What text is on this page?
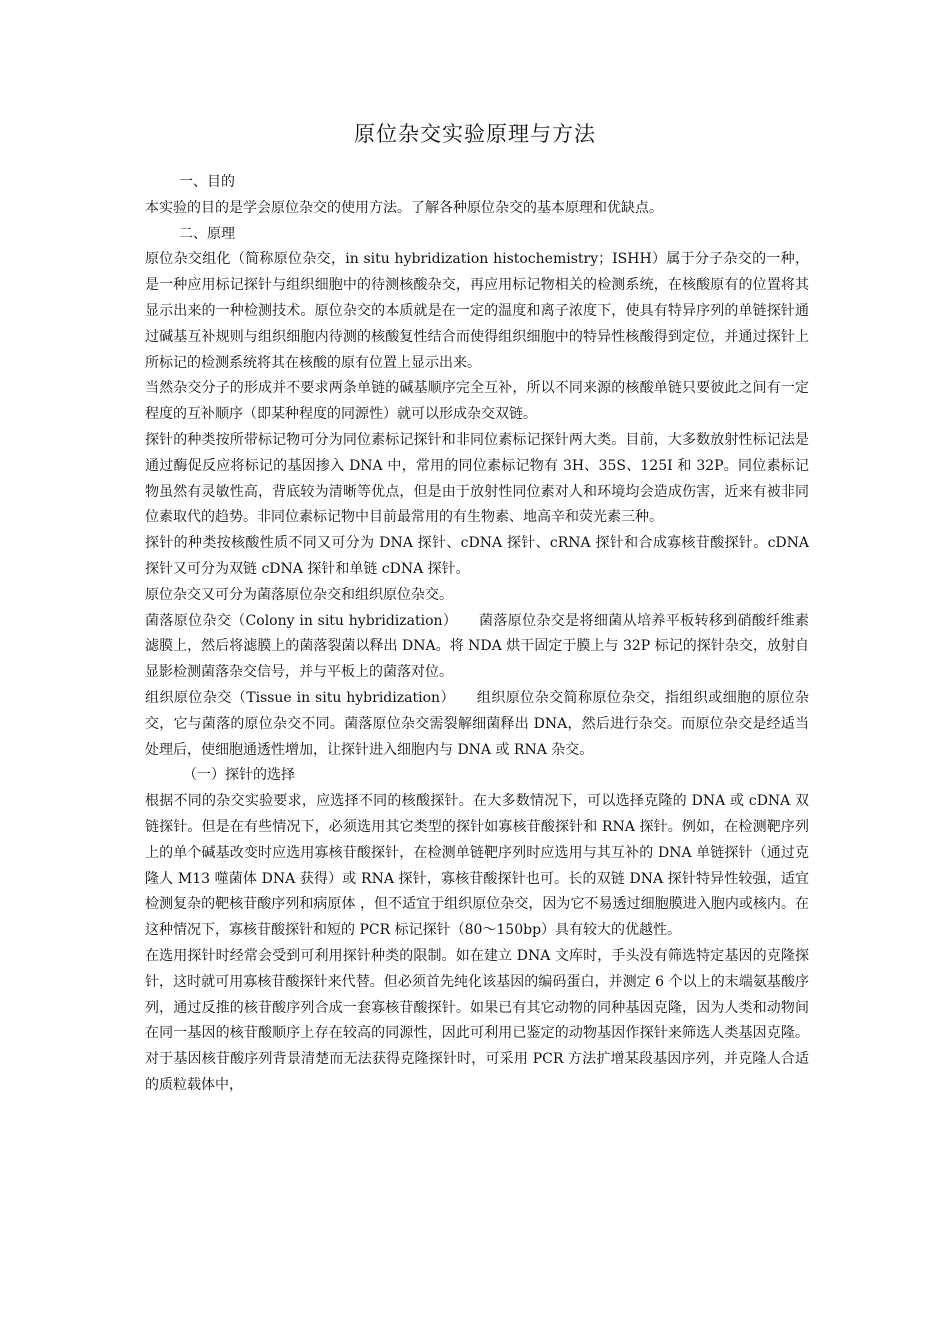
原位杂交实验原理与方法

一、目的

本实验的目的是学会原位杂交的使用方法。了解各种原位杂交的基本原理和优缺点。

二、原理

原位杂交组化（简称原位杂交，in situ hybridization histochemistry；ISHH）属于分子杂交的一种，是一种应用标记探针与组织细胞中的待测核酸杂交，再应用标记物相关的检测系统，在核酸原有的位置将其显示出来的一种检测技术。原位杂交的本质就是在一定的温度和离子浓度下，使具有特异序列的单链探针通过碱基互补规则与组织细胞内待测的核酸复性结合而使得组织细胞中的特异性核酸得到定位，并通过探针上所标记的检测系统将其在核酸的原有位置上显示出来。

当然杂交分子的形成并不要求两条单链的碱基顺序完全互补，所以不同来源的核酸单链只要彼此之间有一定程度的互补顺序（即某种程度的同源性）就可以形成杂交双链。

探针的种类按所带标记物可分为同位素标记探针和非同位素标记探针两大类。目前，大多数放射性标记法是通过酶促反应将标记的基因掺入 DNA 中，常用的同位素标记物有 3H、35S、125I 和 32P。同位素标记物虽然有灵敏性高，背底较为清晰等优点，但是由于放射性同位素对人和环境均会造成伤害，近来有被非同位素取代的趋势。非同位素标记物中目前最常用的有生物素、地高辛和荧光素三种。

探针的种类按核酸性质不同又可分为 DNA 探针、cDNA 探针、cRNA 探针和合成寡核苷酸探针。cDNA 探针又可分为双链 cDNA 探针和单链 cDNA 探针。

原位杂交又可分为菌落原位杂交和组织原位杂交。

菌落原位杂交（Colony in situ hybridization）　　菌落原位杂交是将细菌从培养平板转移到硝酸纤维素滤膜上，然后将滤膜上的菌落裂菌以释出 DNA。将 NDA 烘干固定于膜上与 32P 标记的探针杂交，放射自显影检测菌落杂交信号，并与平板上的菌落对位。

组织原位杂交（Tissue in situ hybridization）　　组织原位杂交简称原位杂交，指组织或细胞的原位杂交，它与菌落的原位杂交不同。菌落原位杂交需裂解细菌释出 DNA，然后进行杂交。而原位杂交是经适当处理后，使细胞通透性增加，让探针进入细胞内与 DNA 或 RNA 杂交。

（一）探针的选择

根据不同的杂交实验要求，应选择不同的核酸探针。在大多数情况下，可以选择克隆的 DNA 或 cDNA 双链探针。但是在有些情况下，必须选用其它类型的探针如寡核苷酸探针和 RNA 探针。例如，在检测靶序列上的单个碱基改变时应选用寡核苷酸探针，在检测单链靶序列时应选用与其互补的 DNA 单链探针（通过克隆人 M13 噬菌体 DNA 获得）或 RNA 探针，寡核苷酸探针也可。长的双链 DNA 探针特异性较强，适宜检测复杂的靶核苷酸序列和病原体 ，但不适宜于组织原位杂交，因为它不易透过细胞膜进入胞内或核内。在这种情况下，寡核苷酸探针和短的 PCR 标记探针（80～150bp）具有较大的优越性。

在选用探针时经常会受到可利用探针种类的限制。如在建立 DNA 文库时，手头没有筛选特定基因的克隆探针，这时就可用寡核苷酸探针来代替。但必须首先纯化该基因的编码蛋白，并测定 6 个以上的末端氨基酸序列，通过反推的核苷酸序列合成一套寡核苷酸探针。如果已有其它动物的同种基因克隆，因为人类和动物间在同一基因的核苷酸顺序上存在较高的同源性，因此可利用已鉴定的动物基因作探针来筛选人类基因克隆。对于基因核苷酸序列背景清楚而无法获得克隆探针时，可采用 PCR 方法扩增某段基因序列，并克隆人合适的质粒载体中，
